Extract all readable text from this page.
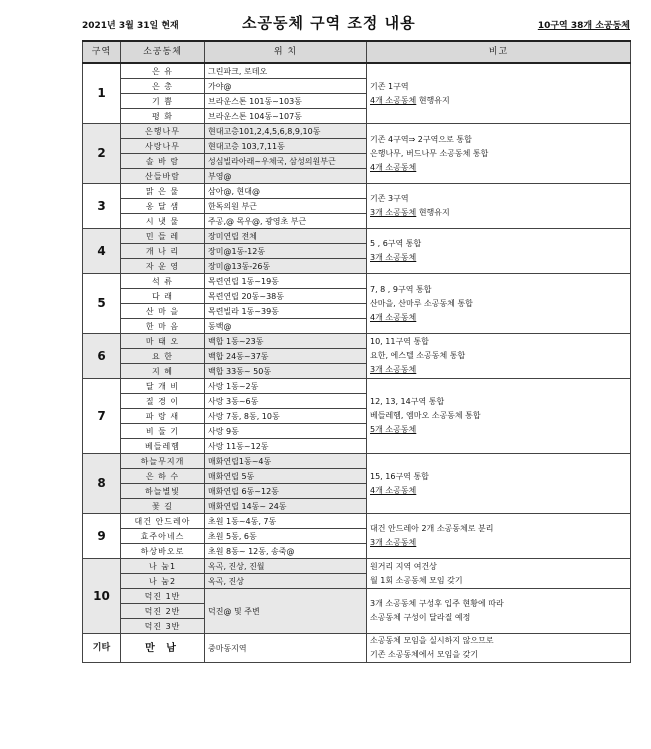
2021년 3월 31일 현재	소공동체 구역 조정 내용	10구역 38개 소공동체
구역	소공동체	위 치	비고
1	은 유	그린파크, 로데오	기존 1구역
4개 소공동체 현행유지

	은 총	가야@	
	기 쁨	브라운스톤 101동~103동	
	평 화	브라운스톤 104동~107동	
2	은행나무	현대고층101,2,4,5,6,8,9,10동	기존 4구역⇒ 2구역으로 통합
은행나무, 버드나무 소공동체 통합
4개 소공동체

	사랑나무	현대고층 103,7,11동	
	솔 바 람	성심빌라아래~우체국, 삼성의원부근	
	산들바람	부영@	
3	맑 은 물	삼아@, 현대@	기존 3구역
3개 소공동체 현행유지

	옹 달 샘	한독의원 부근	
	시 냇 물	주공,@ 목우@, 광영초 부근	
4	민 들 레	장미연립 전체	5 , 6구역 통합
3개 소공동체

	개 나 리	장미@1동-12동	
	자 운 영	장미@13동-26동	
5	석 류	목련연립 1동~19동	7, 8 , 9구역 통합
산마을, 산마루 소공동체 통합
4개 소공동체

	다 래	목련연립 20동~38동	
	산 마 을	목련빌라 1동~39동	
	한 마 음	동백@	
6	마 태 오	백합 1동~23동	10, 11구역 통합
요한, 에스텔 소공동체 통합
3개 소공동체

	요 한	백합 24동~37동	
	지 혜	백합 33동~ 50동	
7	달 개 비	사랑 1동~2동	12, 13, 14구역 통합
베들레헴, 엠마오 소공동체 통합
5개 소공동체

	질 경 이	사랑 3동~6동	
	파 랑 새	사랑 7동, 8동, 10동	
	비 둘 기	사랑 9동	
	베들레헴	사랑 11동~12동	
8	하늘무지개	매화연립1동~4동	15, 16구역 통합
4개 소공동체

	은 하 수	매화연립 5동	
	하늘별빛	매화연립 6동~12동	
	꽃 길	매화연립 14동~ 24동	
9	대건 안드레아	초원 1동~4동, 7동	대건 안드레아 2개 소공동체로 분리
3개 소공동체

	효주아네스	초원 5동, 6동	
	하상바오로	초원 8동~ 12동, 송죽@	
10	나 눔1	옥곡, 진상, 진월	원거리 지역 여건상
월 1회 소공동체 모임 갖기

	나 눔2	옥곡, 진상	
	덕진 1반	덕진@ 및 주변	3개 소공동체 구성후 입주 현황에 따라
소공동체 구성이 달라질 예정

	덕진 2반		
	덕진 3반		
기타	만 남	중마동지역	소공동체 모임을 실시하지 않으므로
기존 소공동체에서 모임을 갖기
